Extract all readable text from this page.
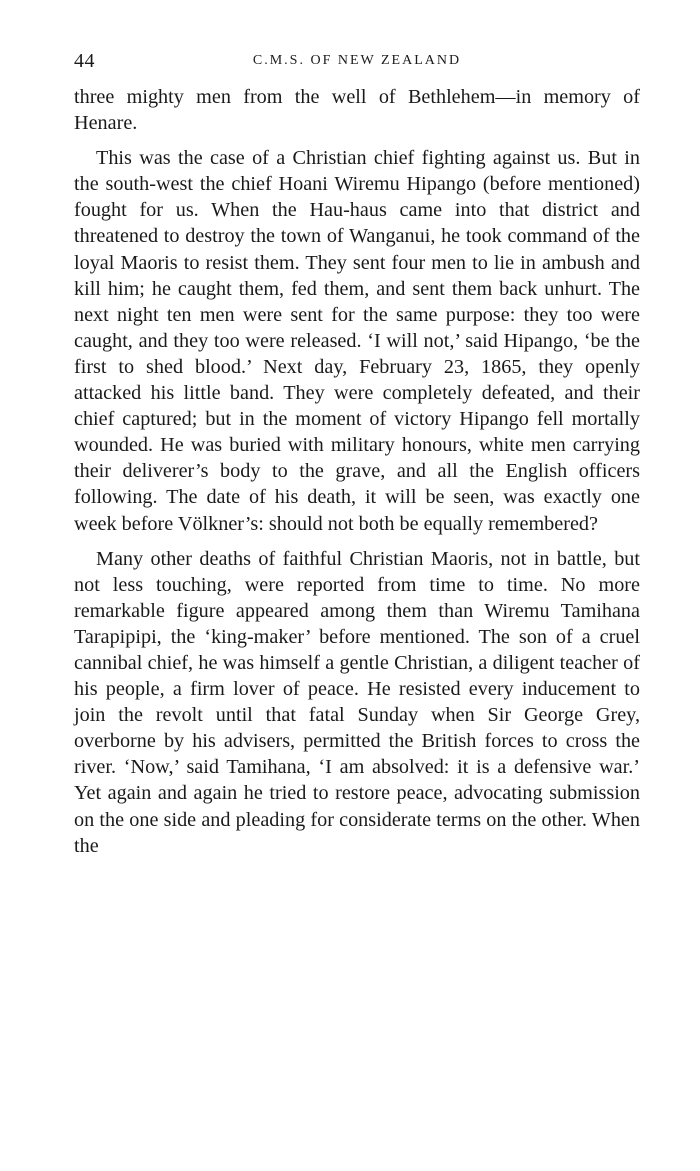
44	C.M.S. OF NEW ZEALAND

three mighty men from the well of Bethlehem—in memory of Henare.

This was the case of a Christian chief fighting against us. But in the south-west the chief Hoani Wiremu Hipango (before mentioned) fought for us. When the Hau-haus came into that district and threatened to destroy the town of Wanganui, he took command of the loyal Maoris to resist them. They sent four men to lie in ambush and kill him; he caught them, fed them, and sent them back unhurt. The next night ten men were sent for the same purpose: they too were caught, and they too were released. ‘I will not,’ said Hipango, ‘be the first to shed blood.’ Next day, February 23, 1865, they openly attacked his little band. They were completely defeated, and their chief captured; but in the moment of victory Hipango fell mortally wounded. He was buried with military honours, white men carrying their deliverer’s body to the grave, and all the English officers following. The date of his death, it will be seen, was exactly one week before Völkner’s: should not both be equally remembered?

Many other deaths of faithful Christian Maoris, not in battle, but not less touching, were reported from time to time. No more remarkable figure appeared among them than Wiremu Tamihana Tarapipipi, the ‘king-maker’ before mentioned. The son of a cruel cannibal chief, he was himself a gentle Christian, a diligent teacher of his people, a firm lover of peace. He resisted every inducement to join the revolt until that fatal Sunday when Sir George Grey, overborne by his advisers, permitted the British forces to cross the river. ‘Now,’ said Tamihana, ‘I am absolved: it is a defensive war.’ Yet again and again he tried to restore peace, advocating submission on the one side and pleading for considerate terms on the other. When the
